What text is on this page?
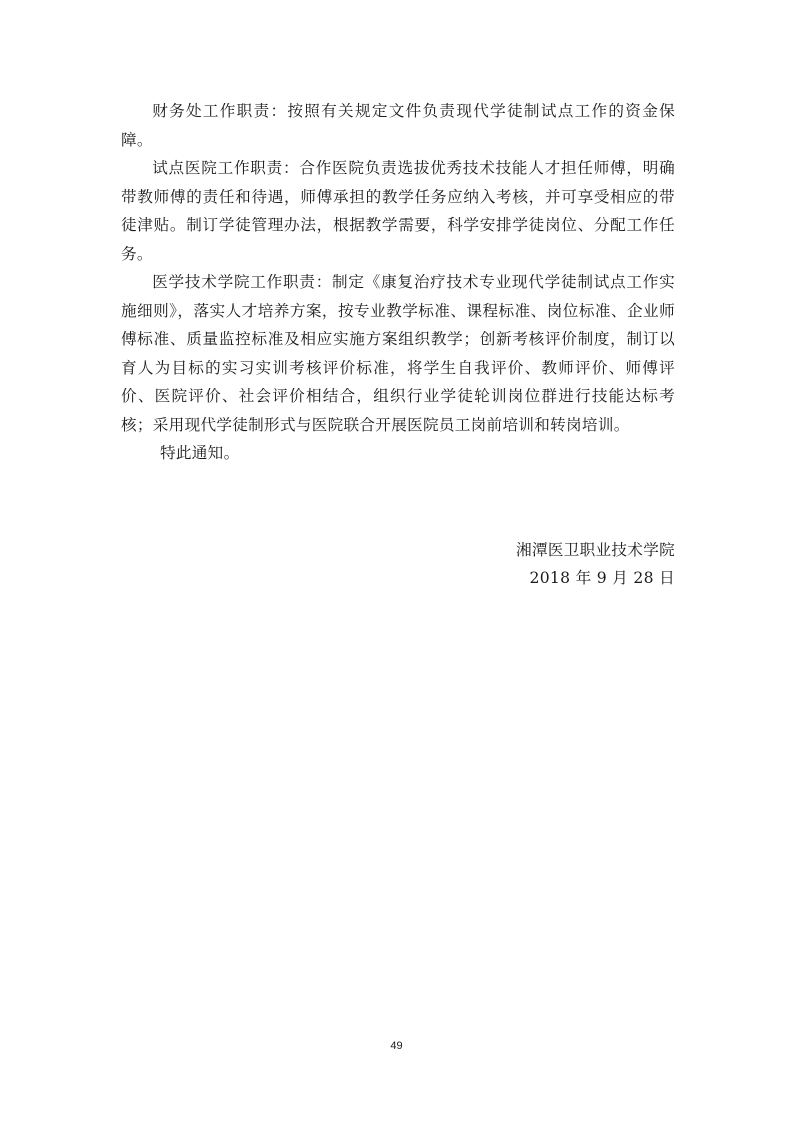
财务处工作职责：按照有关规定文件负责现代学徒制试点工作的资金保障。

试点医院工作职责：合作医院负责选拔优秀技术技能人才担任师傅，明确带教师傅的责任和待遇，师傅承担的教学任务应纳入考核，并可享受相应的带徒津贴。制订学徒管理办法，根据教学需要，科学安排学徒岗位、分配工作任务。

医学技术学院工作职责：制定《康复治疗技术专业现代学徒制试点工作实施细则》，落实人才培养方案，按专业教学标准、课程标准、岗位标准、企业师傅标准、质量监控标准及相应实施方案组织教学；创新考核评价制度，制订以育人为目标的实习实训考核评价标准，将学生自我评价、教师评价、师傅评价、医院评价、社会评价相结合，组织行业学徒轮训岗位群进行技能达标考核；采用现代学徒制形式与医院联合开展医院员工岗前培训和转岗培训。

特此通知。

湘潭医卫职业技术学院

2018 年 9 月 28 日

49
